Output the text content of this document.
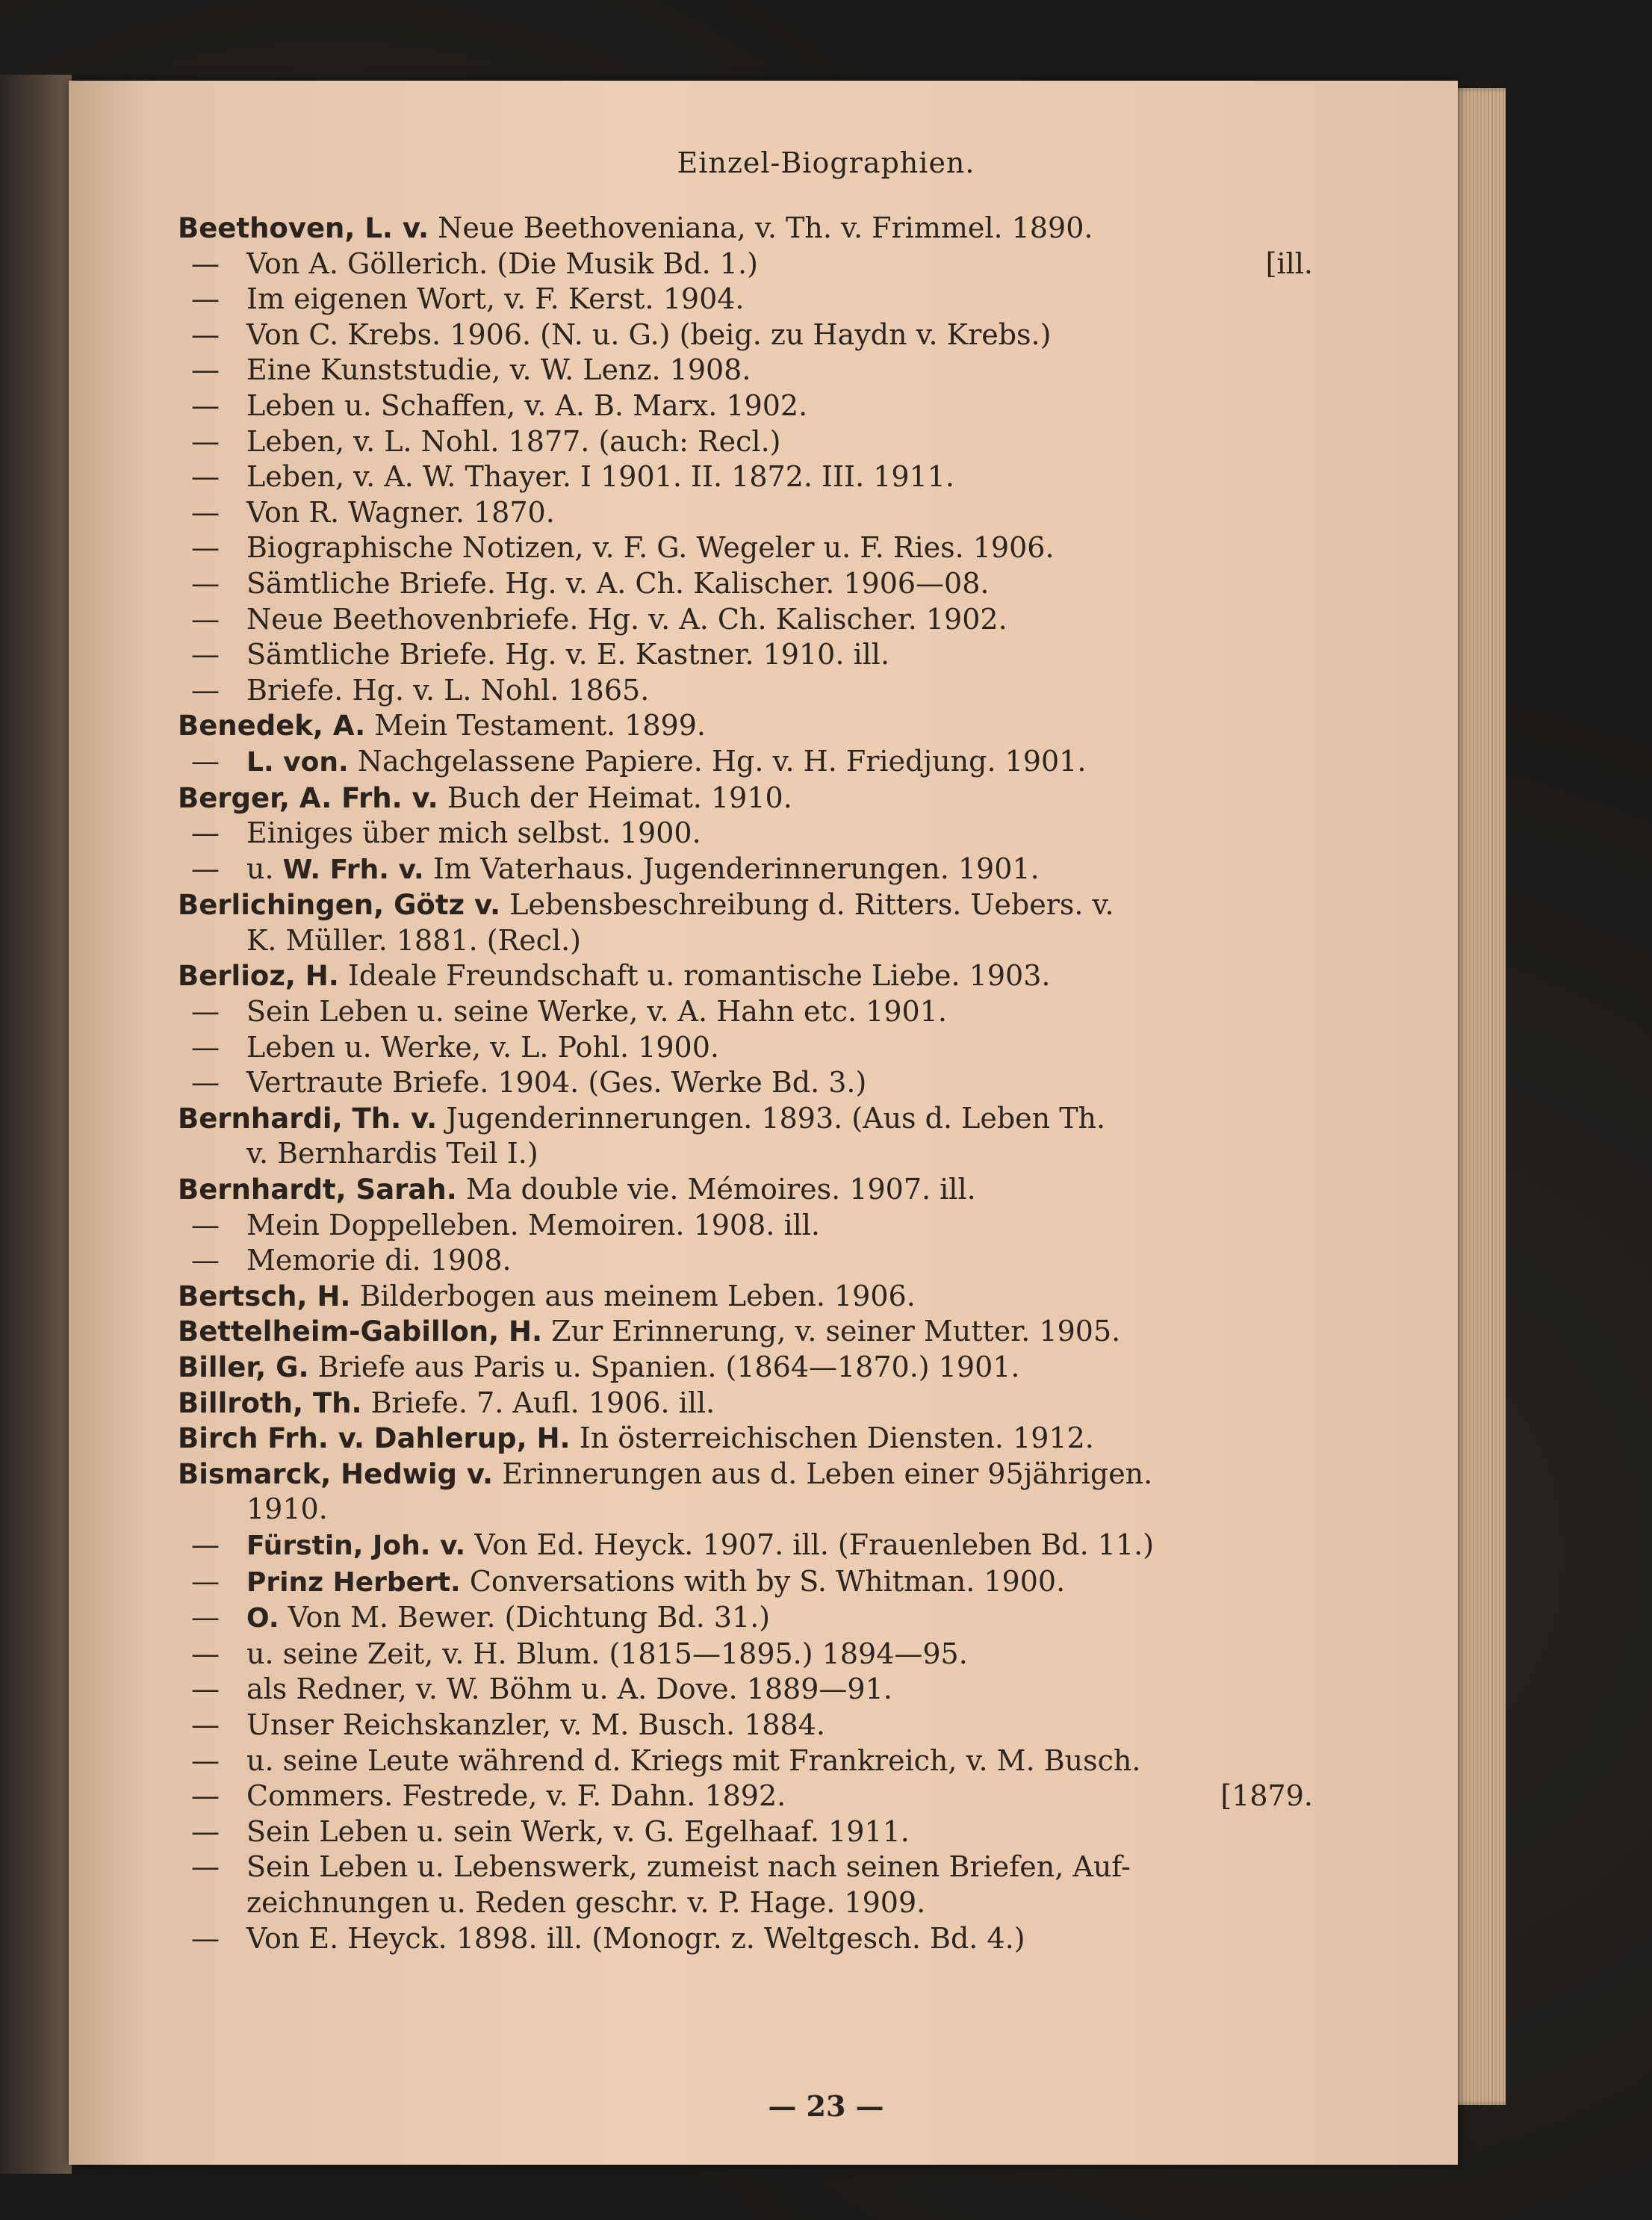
Einzel-Biographien.
Beethoven, L. v. Neue Beethoveniana, v. Th. v. Frimmel. 1890.
— Von A. Göllerich. (Die Musik Bd. 1.)	[ill.
— Im eigenen Wort, v. F. Kerst. 1904.
— Von C. Krebs. 1906. (N. u. G.) (beig. zu Haydn v. Krebs.)
— Eine Kunststudie, v. W. Lenz. 1908.
— Leben u. Schaffen, v. A. B. Marx. 1902.
— Leben, v. L. Nohl. 1877. (auch: Recl.)
— Leben, v. A. W. Thayer. I 1901. II. 1872. III. 1911.
— Von R. Wagner. 1870.
— Biographische Notizen, v. F. G. Wegeler u. F. Ries. 1906.
— Sämtliche Briefe. Hg. v. A. Ch. Kalischer. 1906—08.
— Neue Beethovenbriefe. Hg. v. A. Ch. Kalischer. 1902.
— Sämtliche Briefe. Hg. v. E. Kastner. 1910. ill.
— Briefe. Hg. v. L. Nohl. 1865.
Benedek, A. Mein Testament. 1899.
— L. von. Nachgelassene Papiere. Hg. v. H. Friedjung. 1901.
Berger, A. Frh. v. Buch der Heimat. 1910.
— Einiges über mich selbst. 1900.
— u. W. Frh. v. Im Vaterhaus. Jugenderinnerungen. 1901.
Berlichingen, Götz v. Lebensbeschreibung d. Ritters. Uebers. v.
K. Müller. 1881. (Recl.)
Berlioz, H. Ideale Freundschaft u. romantische Liebe. 1903.
— Sein Leben u. seine Werke, v. A. Hahn etc. 1901.
— Leben u. Werke, v. L. Pohl. 1900.
— Vertraute Briefe. 1904. (Ges. Werke Bd. 3.)
Bernhardi, Th. v. Jugenderinnerungen. 1893. (Aus d. Leben Th.
v. Bernhardis Teil I.)
Bernhardt, Sarah. Ma double vie. Mémoires. 1907. ill.
— Mein Doppelleben. Memoiren. 1908. ill.
— Memorie di. 1908.
Bertsch, H. Bilderbogen aus meinem Leben. 1906.
Bettelheim-Gabillon, H. Zur Erinnerung, v. seiner Mutter. 1905.
Biller, G. Briefe aus Paris u. Spanien. (1864—1870.) 1901.
Billroth, Th. Briefe. 7. Aufl. 1906. ill.
Birch Frh. v. Dahlerup, H. In österreichischen Diensten. 1912.
Bismarck, Hedwig v. Erinnerungen aus d. Leben einer 95jährigen.
1910.
— Fürstin, Joh. v. Von Ed. Heyck. 1907. ill. (Frauenleben Bd. 11.)
— Prinz Herbert. Conversations with by S. Whitman. 1900.
— O. Von M. Bewer. (Dichtung Bd. 31.)
— u. seine Zeit, v. H. Blum. (1815—1895.) 1894—95.
— als Redner, v. W. Böhm u. A. Dove. 1889—91.
— Unser Reichskanzler, v. M. Busch. 1884.
— u. seine Leute während d. Kriegs mit Frankreich, v. M. Busch.
— Commers. Festrede, v. F. Dahn. 1892.	[1879.
— Sein Leben u. sein Werk, v. G. Egelhaaf. 1911.
— Sein Leben u. Lebenswerk, zumeist nach seinen Briefen, Auf-
zeichnungen u. Reden geschr. v. P. Hage. 1909.
— Von E. Heyck. 1898. ill. (Monogr. z. Weltgesch. Bd. 4.)
— 23 —
